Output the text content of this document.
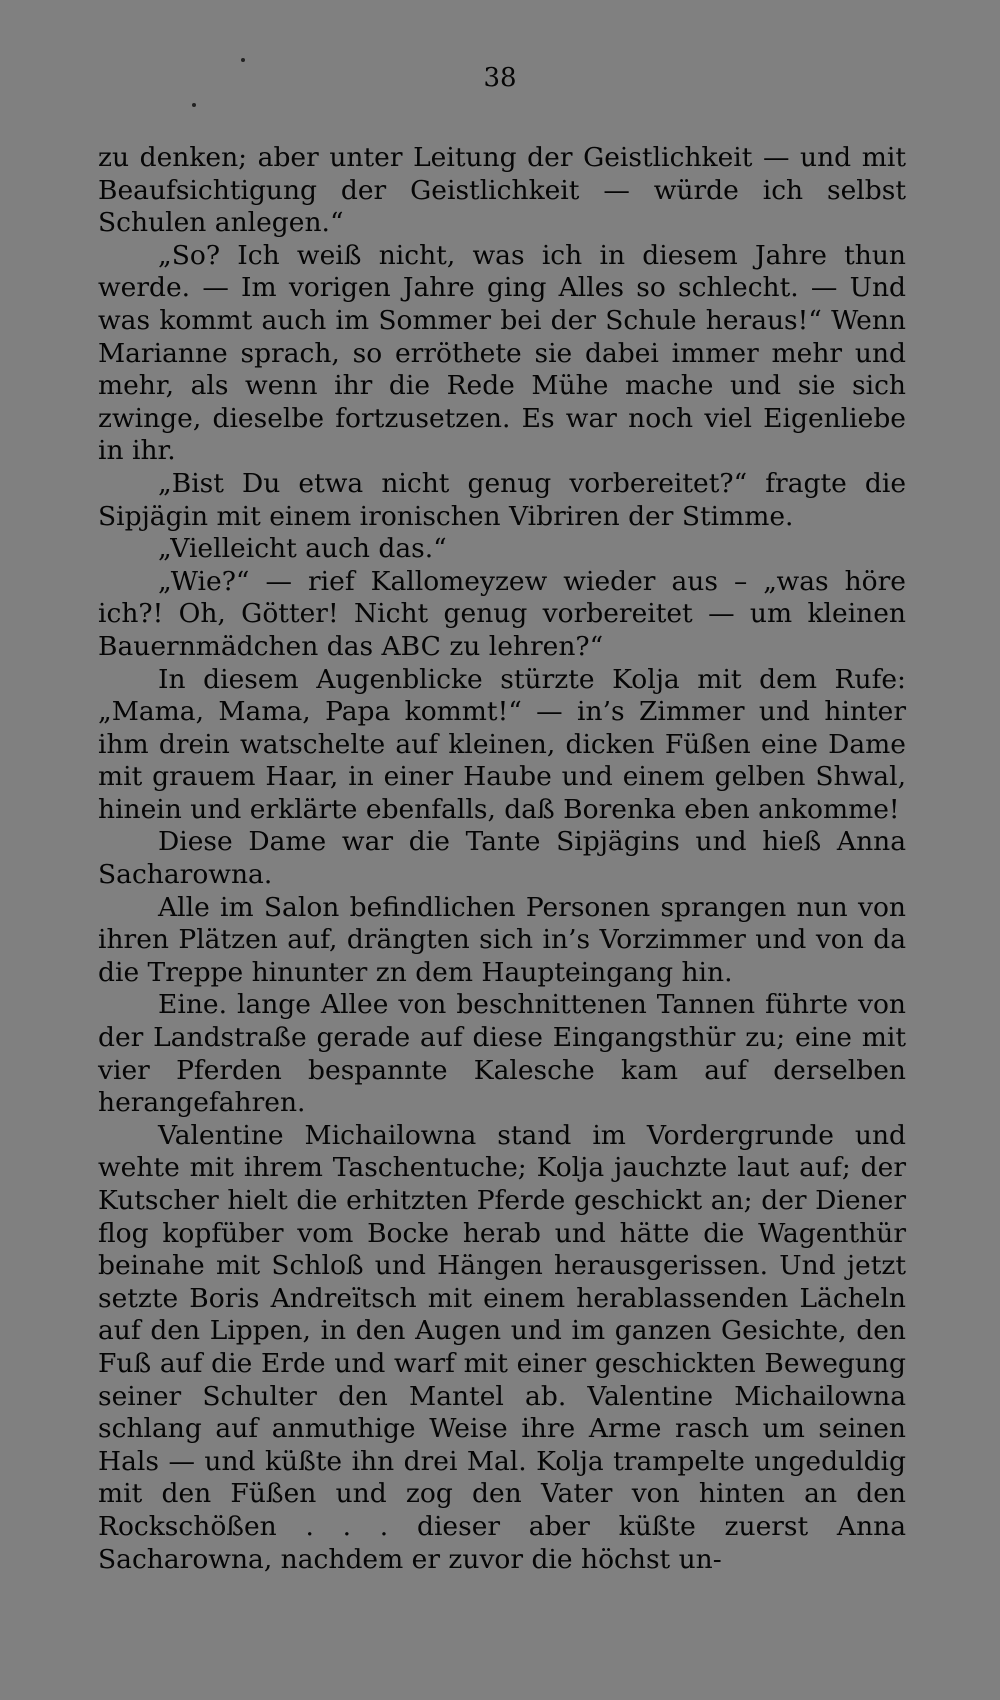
38

zu denken; aber unter Leitung der Geistlichkeit — und mit Beaufsichtigung der Geistlichkeit — würde ich selbst Schulen anlegen.“

„So? Ich weiß nicht, was ich in diesem Jahre thun werde. — Im vorigen Jahre ging Alles so schlecht. — Und was kommt auch im Sommer bei der Schule heraus!“ Wenn Marianne sprach, so erröthete sie dabei immer mehr und mehr, als wenn ihr die Rede Mühe mache und sie sich zwinge, dieselbe fortzusetzen. Es war noch viel Eigenliebe in ihr.

„Bist Du etwa nicht genug vorbereitet?“ fragte die Sipjägin mit einem ironischen Vibriren der Stimme.

„Vielleicht auch das.“

„Wie?“ — rief Kallomeyzew wieder aus – „was höre ich?! Oh, Götter! Nicht genug vorbereitet — um kleinen Bauernmädchen das ABC zu lehren?“

In diesem Augenblicke stürzte Kolja mit dem Rufe: „Mama, Mama, Papa kommt!“ — in’s Zimmer und hinter ihm drein watschelte auf kleinen, dicken Füßen eine Dame mit grauem Haar, in einer Haube und einem gelben Shwal, hinein und erklärte ebenfalls, daß Borenka eben ankomme!

Diese Dame war die Tante Sipjägins und hieß Anna Sacharowna.

Alle im Salon befindlichen Personen sprangen nun von ihren Plätzen auf, drängten sich in’s Vorzimmer und von da die Treppe hinunter zn dem Haupteingang hin.

Eine. lange Allee von beschnittenen Tannen führte von der Landstraße gerade auf diese Eingangsthür zu; eine mit vier Pferden bespannte Kalesche kam auf derselben herangefahren.

Valentine Michailowna stand im Vordergrunde und wehte mit ihrem Taschentuche; Kolja jauchzte laut auf; der Kutscher hielt die erhitzten Pferde geschickt an; der Diener flog kopfüber vom Bocke herab und hätte die Wagenthür beinahe mit Schloß und Hängen herausgerissen. Und jetzt setzte Boris Andreïtsch mit einem herablassenden Lächeln auf den Lippen, in den Augen und im ganzen Gesichte, den Fuß auf die Erde und warf mit einer geschickten Bewegung seiner Schulter den Mantel ab. Valentine Michailowna schlang auf anmuthige Weise ihre Arme rasch um seinen Hals — und küßte ihn drei Mal. Kolja trampelte ungeduldig mit den Füßen und zog den Vater von hinten an den Rockschößen . . . dieser aber küßte zuerst Anna Sacharowna, nachdem er zuvor die höchst un-
